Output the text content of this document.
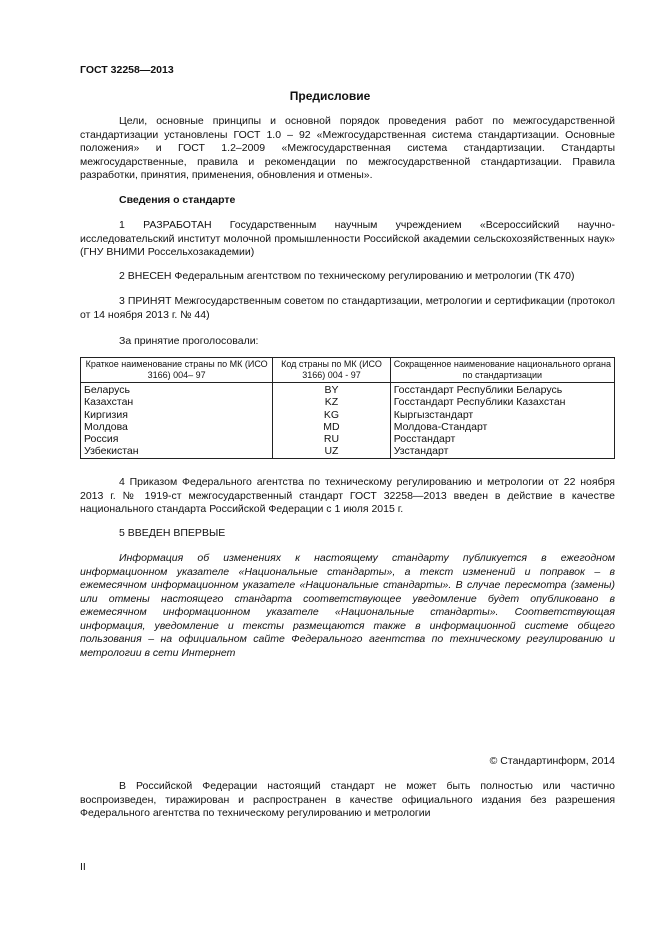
ГОСТ 32258—2013
Предисловие

Цели, основные принципы и основной порядок проведения работ по межгосударственной стандартизации установлены ГОСТ 1.0 – 92 «Межгосударственная система стандартизации. Основные положения» и ГОСТ 1.2–2009 «Межгосударственная система стандартизации. Стандарты межгосударственные, правила и рекомендации по межгосударственной стандартизации. Правила разработки, принятия, применения, обновления и отмены».

Сведения о стандарте

1 РАЗРАБОТАН Государственным научным учреждением «Всероссийский научно-исследовательский институт молочной промышленности Российской академии сельскохозяйственных наук» (ГНУ ВНИМИ Россельхозакадемии)

2 ВНЕСЕН Федеральным агентством по техническому регулированию и метрологии (ТК 470)

3 ПРИНЯТ Межгосударственным советом по стандартизации, метрологии и сертификации (протокол от 14 ноября 2013 г. № 44)

За принятие проголосовали:

Краткое наименование страны по МК (ИСО 3166) 004– 97	Код страны по МК (ИСО 3166) 004 - 97	Сокращенное наименование национального органа по стандартизации
Беларусь	BY	Госстандарт Республики Беларусь
Казахстан	KZ	Госстандарт Республики Казахстан
Киргизия	KG	Кыргызстандарт
Молдова	MD	Молдова-Стандарт
Россия	RU	Росстандарт
Узбекистан	UZ	Узстандарт

4 Приказом Федерального агентства по техническому регулированию и метрологии от 22 ноября 2013 г. № 1919-ст межгосударственный стандарт ГОСТ 32258—2013 введен в действие в качестве национального стандарта Российской Федерации с 1 июля 2015 г.

5 ВВЕДЕН ВПЕРВЫЕ

Информация об изменениях к настоящему стандарту публикуется в ежегодном информационном указателе «Национальные стандарты», а текст изменений и поправок – в ежемесячном информационном указателе «Национальные стандарты». В случае пересмотра (замены) или отмены настоящего стандарта соответствующее уведомление будет опубликовано в ежемесячном информационном указателе «Национальные стандарты». Соответствующая информация, уведомление и тексты размещаются также в информационной системе общего пользования – на официальном сайте Федерального агентства по техническому регулированию и метрологии в сети Интернет

© Стандартинформ, 2014

В Российской Федерации настоящий стандарт не может быть полностью или частично воспроизведен, тиражирован и распространен в качестве официального издания без разрешения Федерального агентства по техническому регулированию и метрологии

II
